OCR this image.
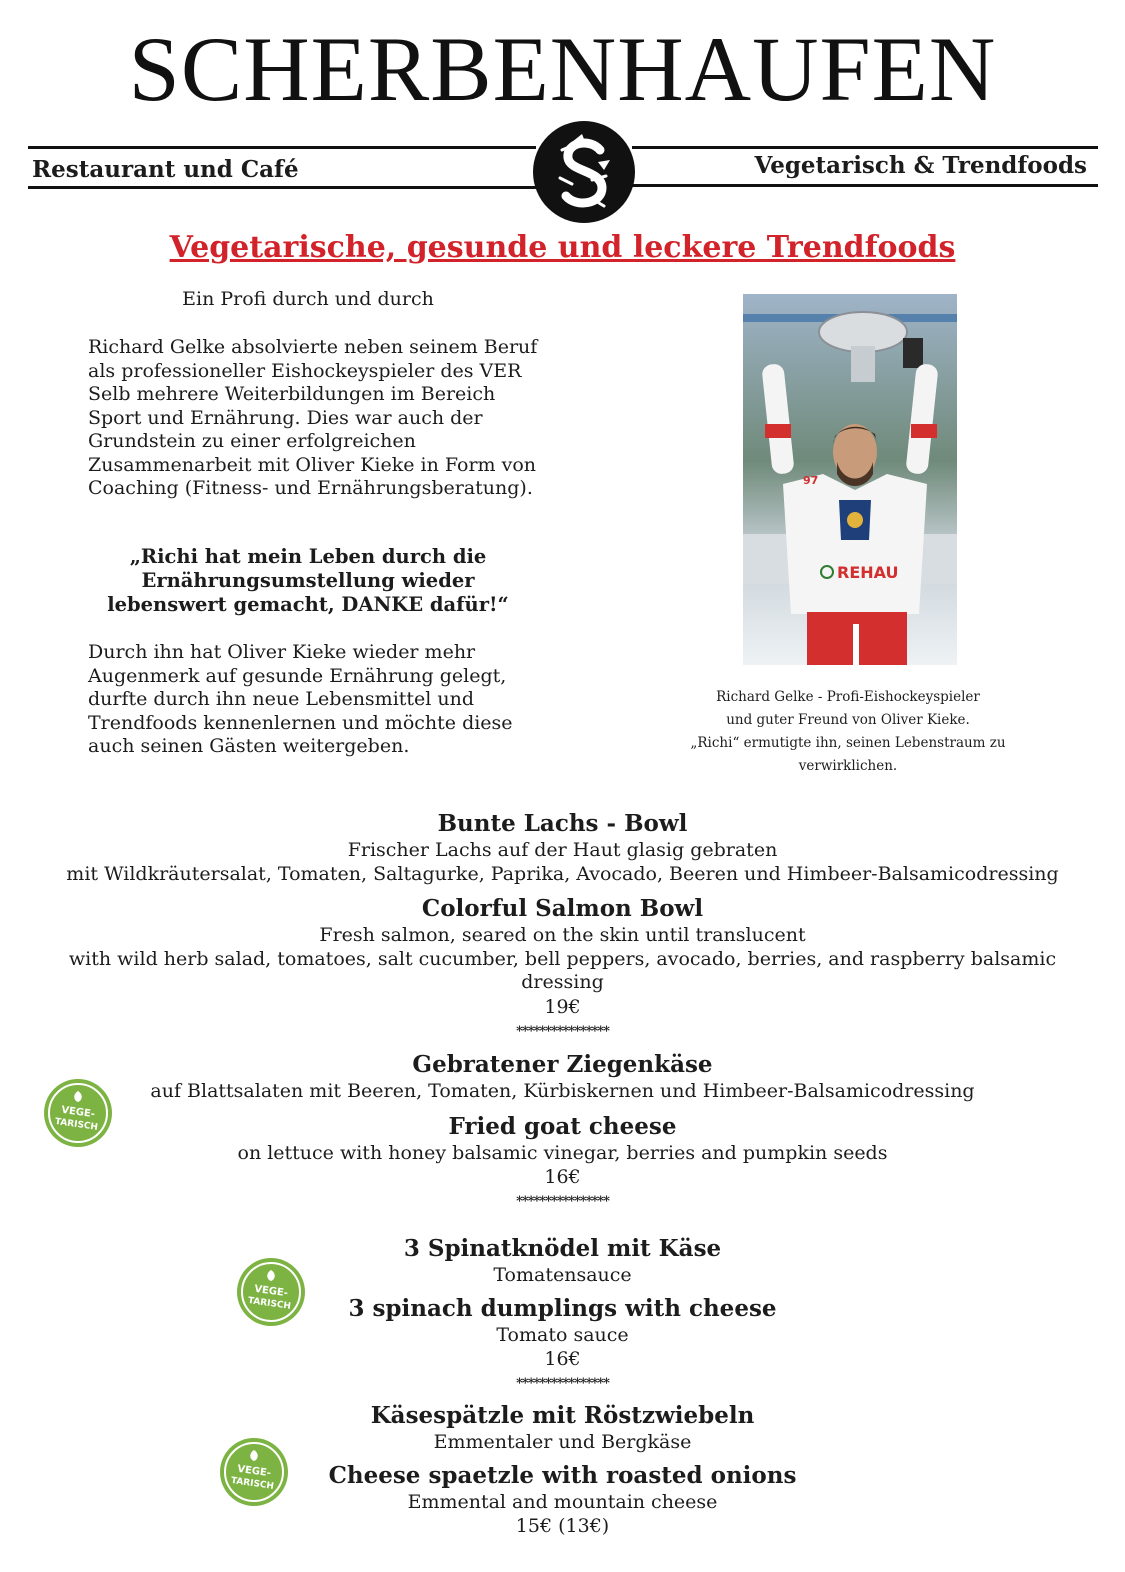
SCHERBENHAUFEN
Restaurant und Café	Vegetarisch & Trendfoods
Vegetarische, gesunde und leckere Trendfoods
Ein Profi durch und durch
Richard Gelke absolvierte neben seinem Beruf als professioneller Eishockeyspieler des VER Selb mehrere Weiterbildungen im Bereich Sport und Ernährung. Dies war auch der Grundstein zu einer erfolgreichen Zusammenarbeit mit Oliver Kieke in Form von Coaching (Fitness- und Ernährungsberatung).
„Richi hat mein Leben durch die Ernährungsumstellung wieder lebenswert gemacht, DANKE dafür!“
Durch ihn hat Oliver Kieke wieder mehr Augenmerk auf gesunde Ernährung gelegt, durfte durch ihn neue Lebensmittel und Trendfoods kennenlernen und möchte diese auch seinen Gästen weitergeben.
97
REHAU
Richard Gelke - Profi-Eishockeyspieler
und guter Freund von Oliver Kieke.
„Richi“ ermutigte ihn, seinen Lebenstraum zu
verwirklichen.
Bunte Lachs - Bowl
Frischer Lachs auf der Haut glasig gebraten
mit Wildkräutersalat, Tomaten, Saltagurke, Paprika, Avocado, Beeren und Himbeer-Balsamicodressing
Colorful Salmon Bowl
Fresh salmon, seared on the skin until translucent
with wild herb salad, tomatoes, salt cucumber, bell peppers, avocado, berries, and raspberry balsamic dressing
19€
****************
Gebratener Ziegenkäse
auf Blattsalaten mit Beeren, Tomaten, Kürbiskernen und Himbeer-Balsamicodressing
Fried goat cheese
on lettuce with honey balsamic vinegar, berries and pumpkin seeds
16€
****************
3 Spinatknödel mit Käse
Tomatensauce
3 spinach dumplings with cheese
Tomato sauce
16€
****************
Käsespätzle mit Röstzwiebeln
Emmentaler und Bergkäse
Cheese spaetzle with roasted onions
Emmental and mountain cheese
15€ (13€)
VEGE-
TARISCH
VEGE-
TARISCH
VEGE-
TARISCH
